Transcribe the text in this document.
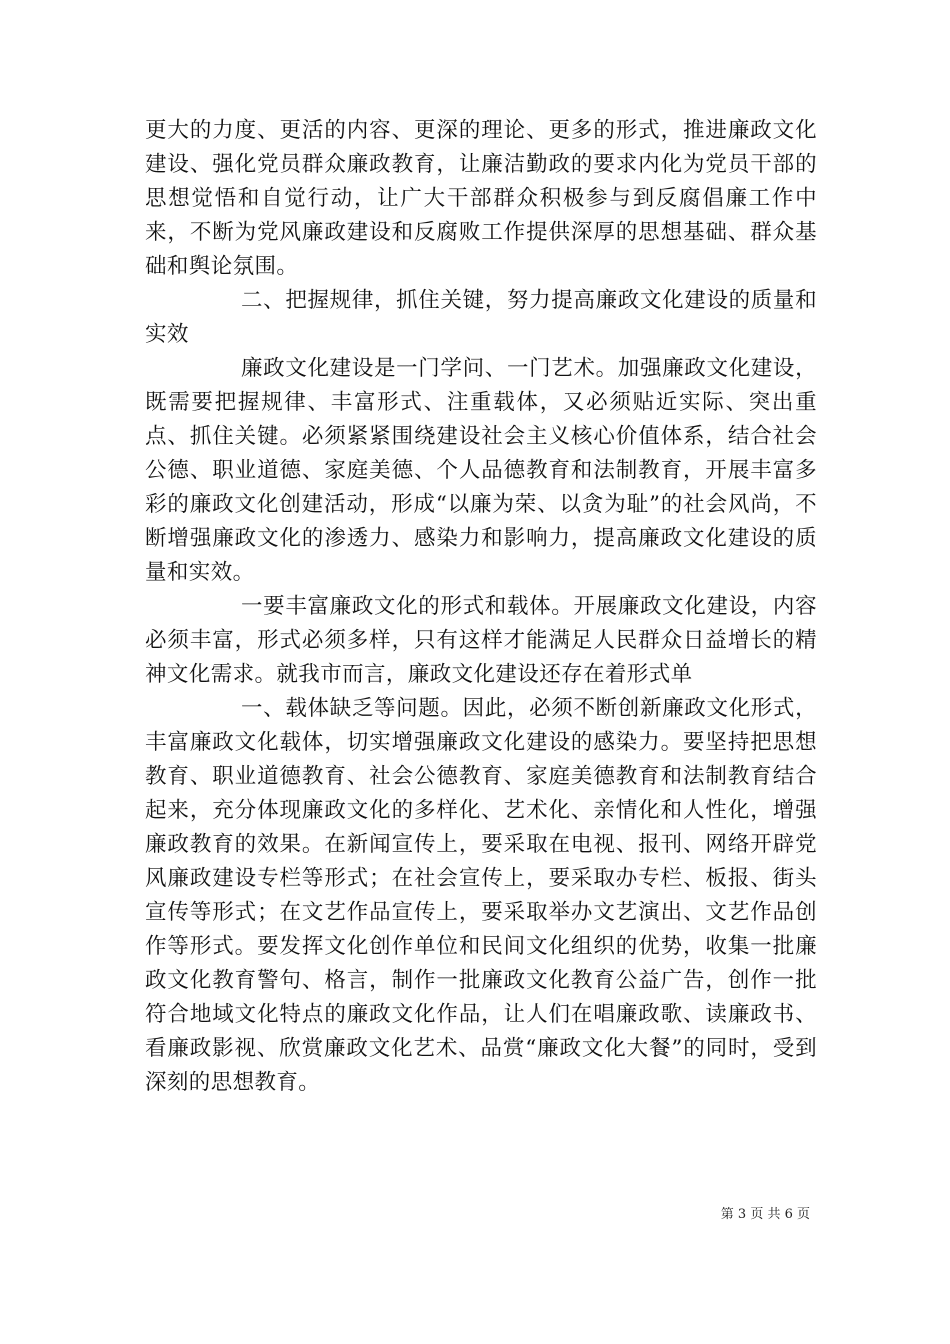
更大的力度、更活的内容、更深的理论、更多的形式，推进廉政文化建设、强化党员群众廉政教育，让廉洁勤政的要求内化为党员干部的思想觉悟和自觉行动，让广大干部群众积极参与到反腐倡廉工作中来，不断为党风廉政建设和反腐败工作提供深厚的思想基础、群众基础和舆论氛围。

二、把握规律，抓住关键，努力提高廉政文化建设的质量和实效

廉政文化建设是一门学问、一门艺术。加强廉政文化建设，既需要把握规律、丰富形式、注重载体，又必须贴近实际、突出重点、抓住关键。必须紧紧围绕建设社会主义核心价值体系，结合社会公德、职业道德、家庭美德、个人品德教育和法制教育，开展丰富多彩的廉政文化创建活动，形成“以廉为荣、以贪为耻”的社会风尚，不断增强廉政文化的渗透力、感染力和影响力，提高廉政文化建设的质量和实效。

一要丰富廉政文化的形式和载体。开展廉政文化建设，内容必须丰富，形式必须多样，只有这样才能满足人民群众日益增长的精神文化需求。就我市而言，廉政文化建设还存在着形式单

一、载体缺乏等问题。因此，必须不断创新廉政文化形式，丰富廉政文化载体，切实增强廉政文化建设的感染力。要坚持把思想教育、职业道德教育、社会公德教育、家庭美德教育和法制教育结合起来，充分体现廉政文化的多样化、艺术化、亲情化和人性化，增强廉政教育的效果。在新闻宣传上，要采取在电视、报刊、网络开辟党风廉政建设专栏等形式；在社会宣传上，要采取办专栏、板报、街头宣传等形式；在文艺作品宣传上，要采取举办文艺演出、文艺作品创作等形式。要发挥文化创作单位和民间文化组织的优势，收集一批廉政文化教育警句、格言，制作一批廉政文化教育公益广告，创作一批符合地域文化特点的廉政文化作品，让人们在唱廉政歌、读廉政书、看廉政影视、欣赏廉政文化艺术、品赏“廉政文化大餐”的同时，受到深刻的思想教育。

第 3 页 共 6 页
